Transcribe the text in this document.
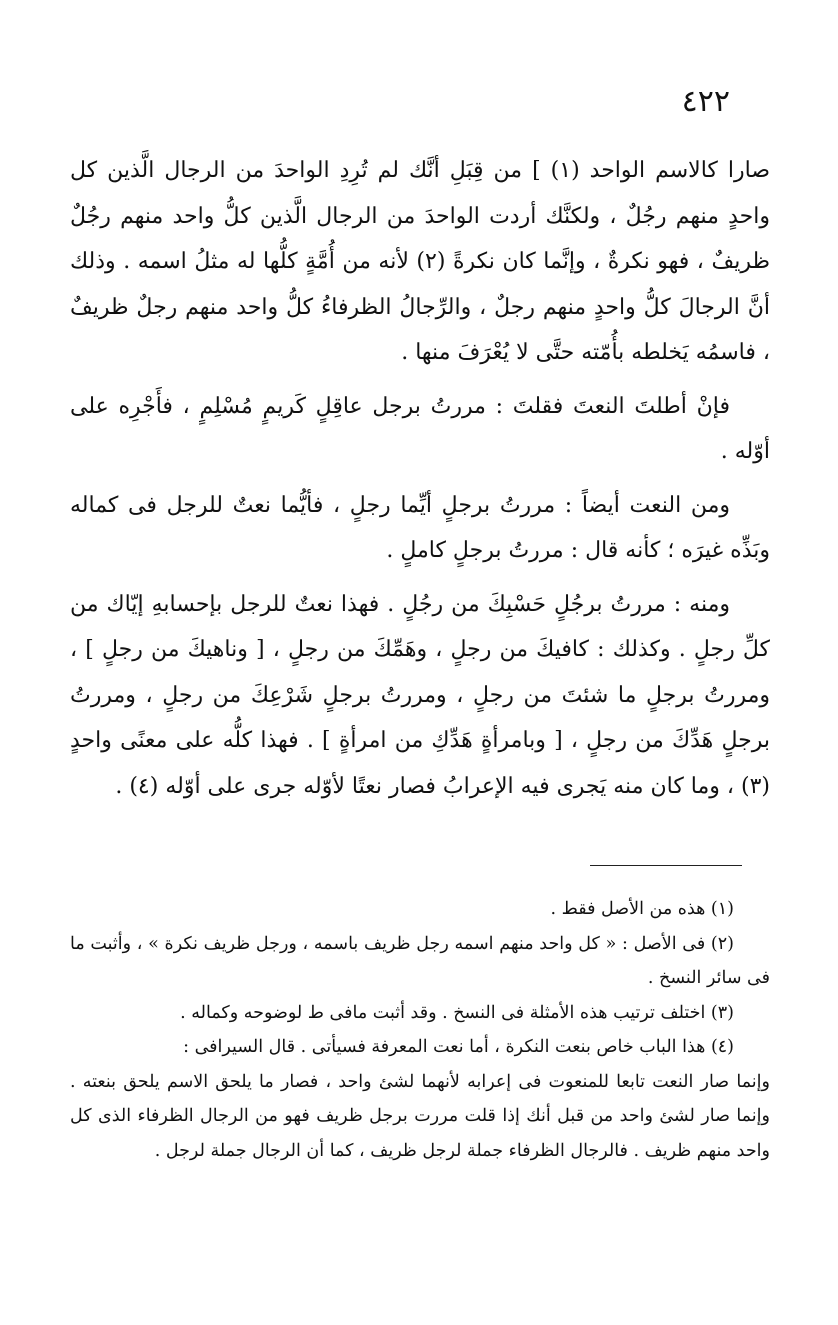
٤٢٢

صارا كالاسم الواحد (١) ] من قِبَلِ أنَّك لم تُرِدِ الواحدَ من الرجال الَّذين كل واحدٍ منهم رجُلٌ ، ولكنَّك أردت الواحدَ من الرجال الَّذين كلُّ واحد منهم رجُلٌ ظريفٌ ، فهو نكرةٌ ، وإنَّما كان نكرةً (٢) لأنه من أُمَّةٍ كلُّها له مثلُ اسمه . وذلك أنَّ الرجالَ كلُّ واحدٍ منهم رجلٌ ، والرِّجالُ الظرفاءُ كلُّ واحد منهم رجلٌ ظريفٌ ، فاسمُه يَخلطه بأُمّته حتَّى لا يُعْرَفَ منها .

فإنْ أطلتَ النعتَ فقلتَ : مررتُ برجل عاقِلٍ كَريمٍ مُسْلِمٍ ، فأَجْرِه على أوّله .

ومن النعت أيضاً : مررتُ برجلٍ أيِّما رجلٍ ، فأيُّما نعتٌ للرجل فى كماله وبَذِّه غيرَه ؛ كأنه قال : مررتُ برجلٍ كاملٍ .

ومنه : مررتُ برجُلٍ حَسْبِكَ من رجُلٍ . فهذا نعتٌ للرجل بإحسابهِ إيّاك من كلِّ رجلٍ . وكذلك : كافيكَ من رجلٍ ، وهَمِّكَ من رجلٍ ، [ وناهيكَ من رجلٍ ] ، ومررتُ برجلٍ ما شئتَ من رجلٍ ، ومررتُ برجلٍ شَرْعِكَ من رجلٍ ، ومررتُ برجلٍ هَدِّكَ من رجلٍ ، [ وبامرأةٍ هَدِّكِ من امرأةٍ ] . فهذا كلُّه على معنًى واحدٍ (٣) ، وما كان منه يَجرى فيه الإعرابُ فصار نعتًا لأوّله جرى على أوّله (٤) .

(١) هذه من الأصل فقط .

(٢) فى الأصل : « كل واحد منهم اسمه رجل ظريف باسمه ، ورجل ظريف نكرة » ، وأثبت ما فى سائر النسخ .

(٣) اختلف ترتيب هذه الأمثلة فى النسخ . وقد أثبت مافى ط لوضوحه وكماله .

(٤) هذا الباب خاص بنعت النكرة ، أما نعت المعرفة فسيأتى . قال السيرافى :

وإنما صار النعت تابعا للمنعوت فى إعرابه لأنهما لشئ واحد ، فصار ما يلحق الاسم يلحق بنعته . وإنما صار لشئ واحد من قبل أنك إذا قلت مررت برجل ظريف فهو من الرجال الظرفاء الذى كل واحد منهم ظريف . فالرجال الظرفاء جملة لرجل ظريف ، كما أن الرجال جملة لرجل .
